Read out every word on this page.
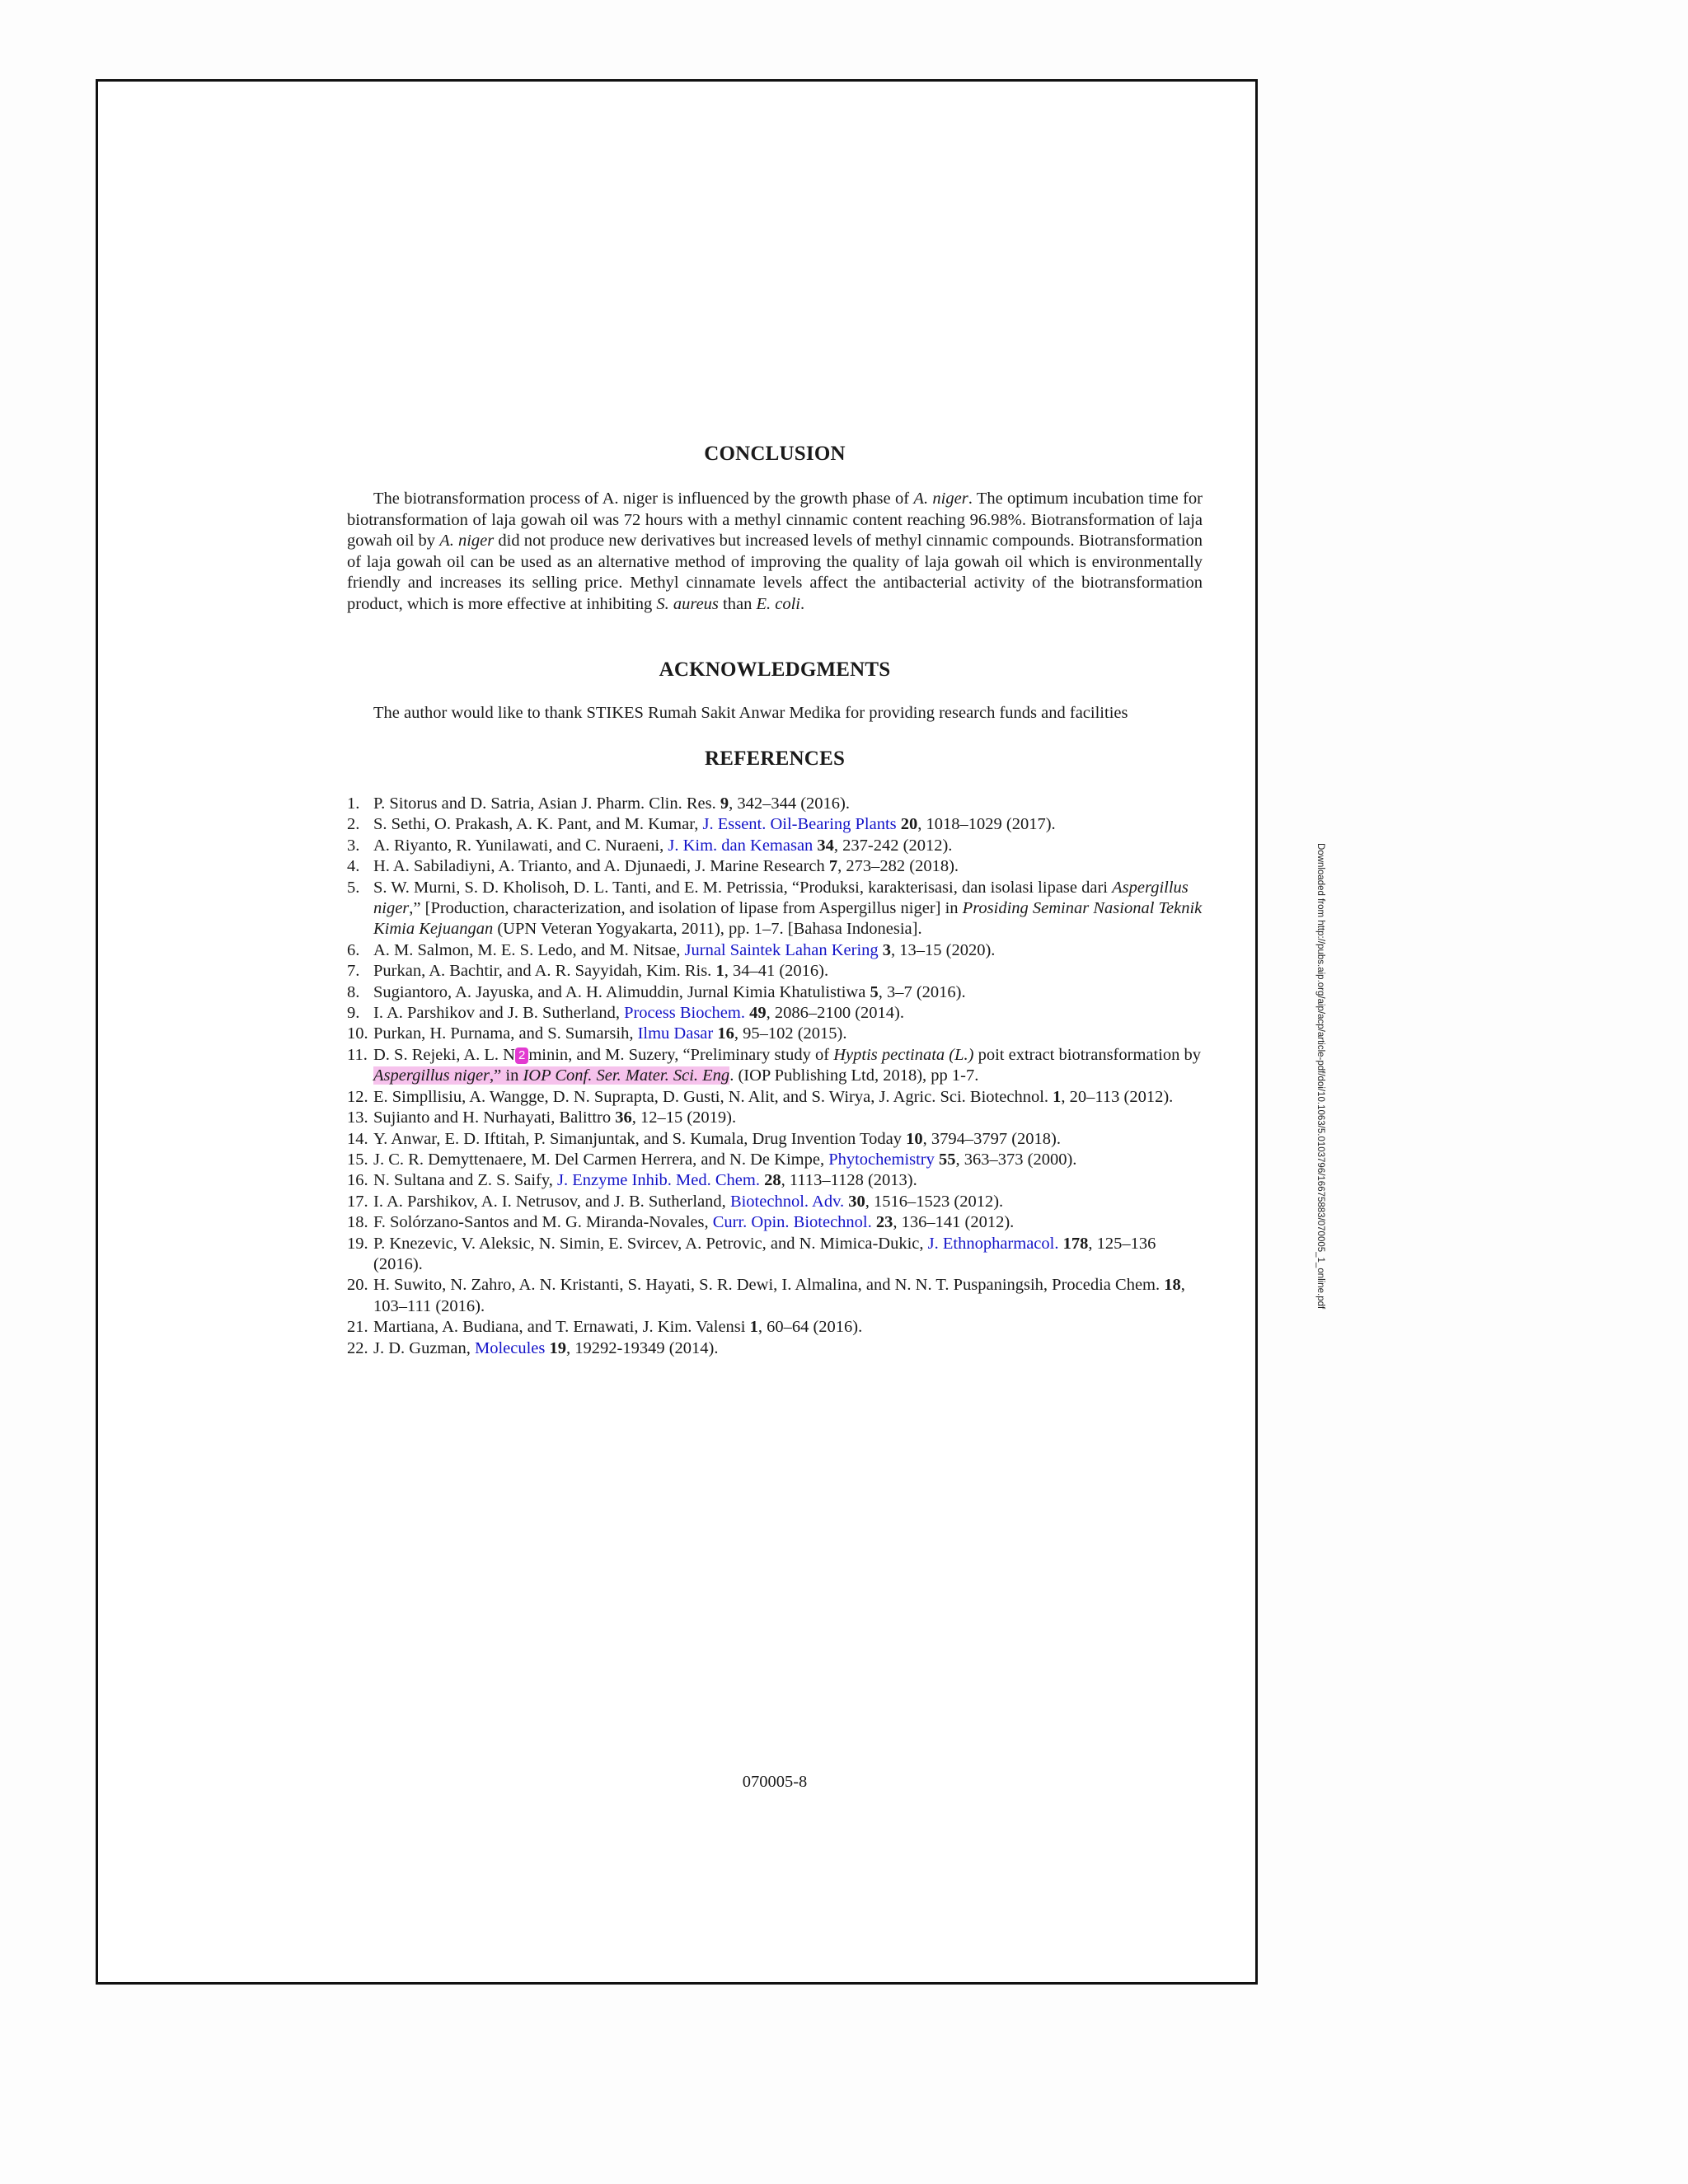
CONCLUSION

The biotransformation process of A. niger is influenced by the growth phase of A. niger. The optimum incubation time for biotransformation of laja gowah oil was 72 hours with a methyl cinnamic content reaching 96.98%. Biotransformation of laja gowah oil by A. niger did not produce new derivatives but increased levels of methyl cinnamic compounds. Biotransformation of laja gowah oil can be used as an alternative method of improving the quality of laja gowah oil which is environmentally friendly and increases its selling price. Methyl cinnamate levels affect the antibacterial activity of the biotransformation product, which is more effective at inhibiting S. aureus than E. coli.

ACKNOWLEDGMENTS

The author would like to thank STIKES Rumah Sakit Anwar Medika for providing research funds and facilities

REFERENCES
1. P. Sitorus and D. Satria, Asian J. Pharm. Clin. Res. 9, 342–344 (2016).
2. S. Sethi, O. Prakash, A. K. Pant, and M. Kumar, J. Essent. Oil-Bearing Plants 20, 1018–1029 (2017).
3. A. Riyanto, R. Yunilawati, and C. Nuraeni, J. Kim. dan Kemasan 34, 237-242 (2012).
4. H. A. Sabiladiyni, A. Trianto, and A. Djunaedi, J. Marine Research 7, 273–282 (2018).
5. S. W. Murni, S. D. Kholisoh, D. L. Tanti, and E. M. Petrissia, “Produksi, karakterisasi, dan isolasi lipase dari Aspergillus niger,” [Production, characterization, and isolation of lipase from Aspergillus niger] in Prosiding Seminar Nasional Teknik Kimia Kejuangan (UPN Veteran Yogyakarta, 2011), pp. 1–7. [Bahasa Indonesia].
6. A. M. Salmon, M. E. S. Ledo, and M. Nitsae, Jurnal Saintek Lahan Kering 3, 13–15 (2020).
7. Purkan, A. Bachtir, and A. R. Sayyidah, Kim. Ris. 1, 34–41 (2016).
8. Sugiantoro, A. Jayuska, and A. H. Alimuddin, Jurnal Kimia Khatulistiwa 5, 3–7 (2016).
9. I. A. Parshikov and J. B. Sutherland, Process Biochem. 49, 2086–2100 (2014).
10. Purkan, H. Purnama, and S. Sumarsih, Ilmu Dasar 16, 95–102 (2015).
11. D. S. Rejeki, A. L. N 2 minin, and M. Suzery, “Preliminary study of Hyptis pectinata (L.) poit extract biotransformation by Aspergillus niger,” in IOP Conf. Ser. Mater. Sci. Eng. (IOP Publishing Ltd, 2018), pp 1-7.
12. E. Simpllisiu, A. Wangge, D. N. Suprapta, D. Gusti, N. Alit, and S. Wirya, J. Agric. Sci. Biotechnol. 1, 20–113 (2012).
13. Sujianto and H. Nurhayati, Balittro 36, 12–15 (2019).
14. Y. Anwar, E. D. Iftitah, P. Simanjuntak, and S. Kumala, Drug Invention Today 10, 3794–3797 (2018).
15. J. C. R. Demyttenaere, M. Del Carmen Herrera, and N. De Kimpe, Phytochemistry 55, 363–373 (2000).
16. N. Sultana and Z. S. Saify, J. Enzyme Inhib. Med. Chem. 28, 1113–1128 (2013).
17. I. A. Parshikov, A. I. Netrusov, and J. B. Sutherland, Biotechnol. Adv. 30, 1516–1523 (2012).
18. F. Solórzano-Santos and M. G. Miranda-Novales, Curr. Opin. Biotechnol. 23, 136–141 (2012).
19. P. Knezevic, V. Aleksic, N. Simin, E. Svircev, A. Petrovic, and N. Mimica-Dukic, J. Ethnopharmacol. 178, 125–136 (2016).
20. H. Suwito, N. Zahro, A. N. Kristanti, S. Hayati, S. R. Dewi, I. Almalina, and N. N. T. Puspaningsih, Procedia Chem. 18, 103–111 (2016).
21. Martiana, A. Budiana, and T. Ernawati, J. Kim. Valensi 1, 60–64 (2016).
22. J. D. Guzman, Molecules 19, 19292-19349 (2014).
070005-8
Downloaded from http://pubs.aip.org/aip/acp/article-pdf/doi/10.1063/5.0103796/16675883/070005_1_online.pdf
